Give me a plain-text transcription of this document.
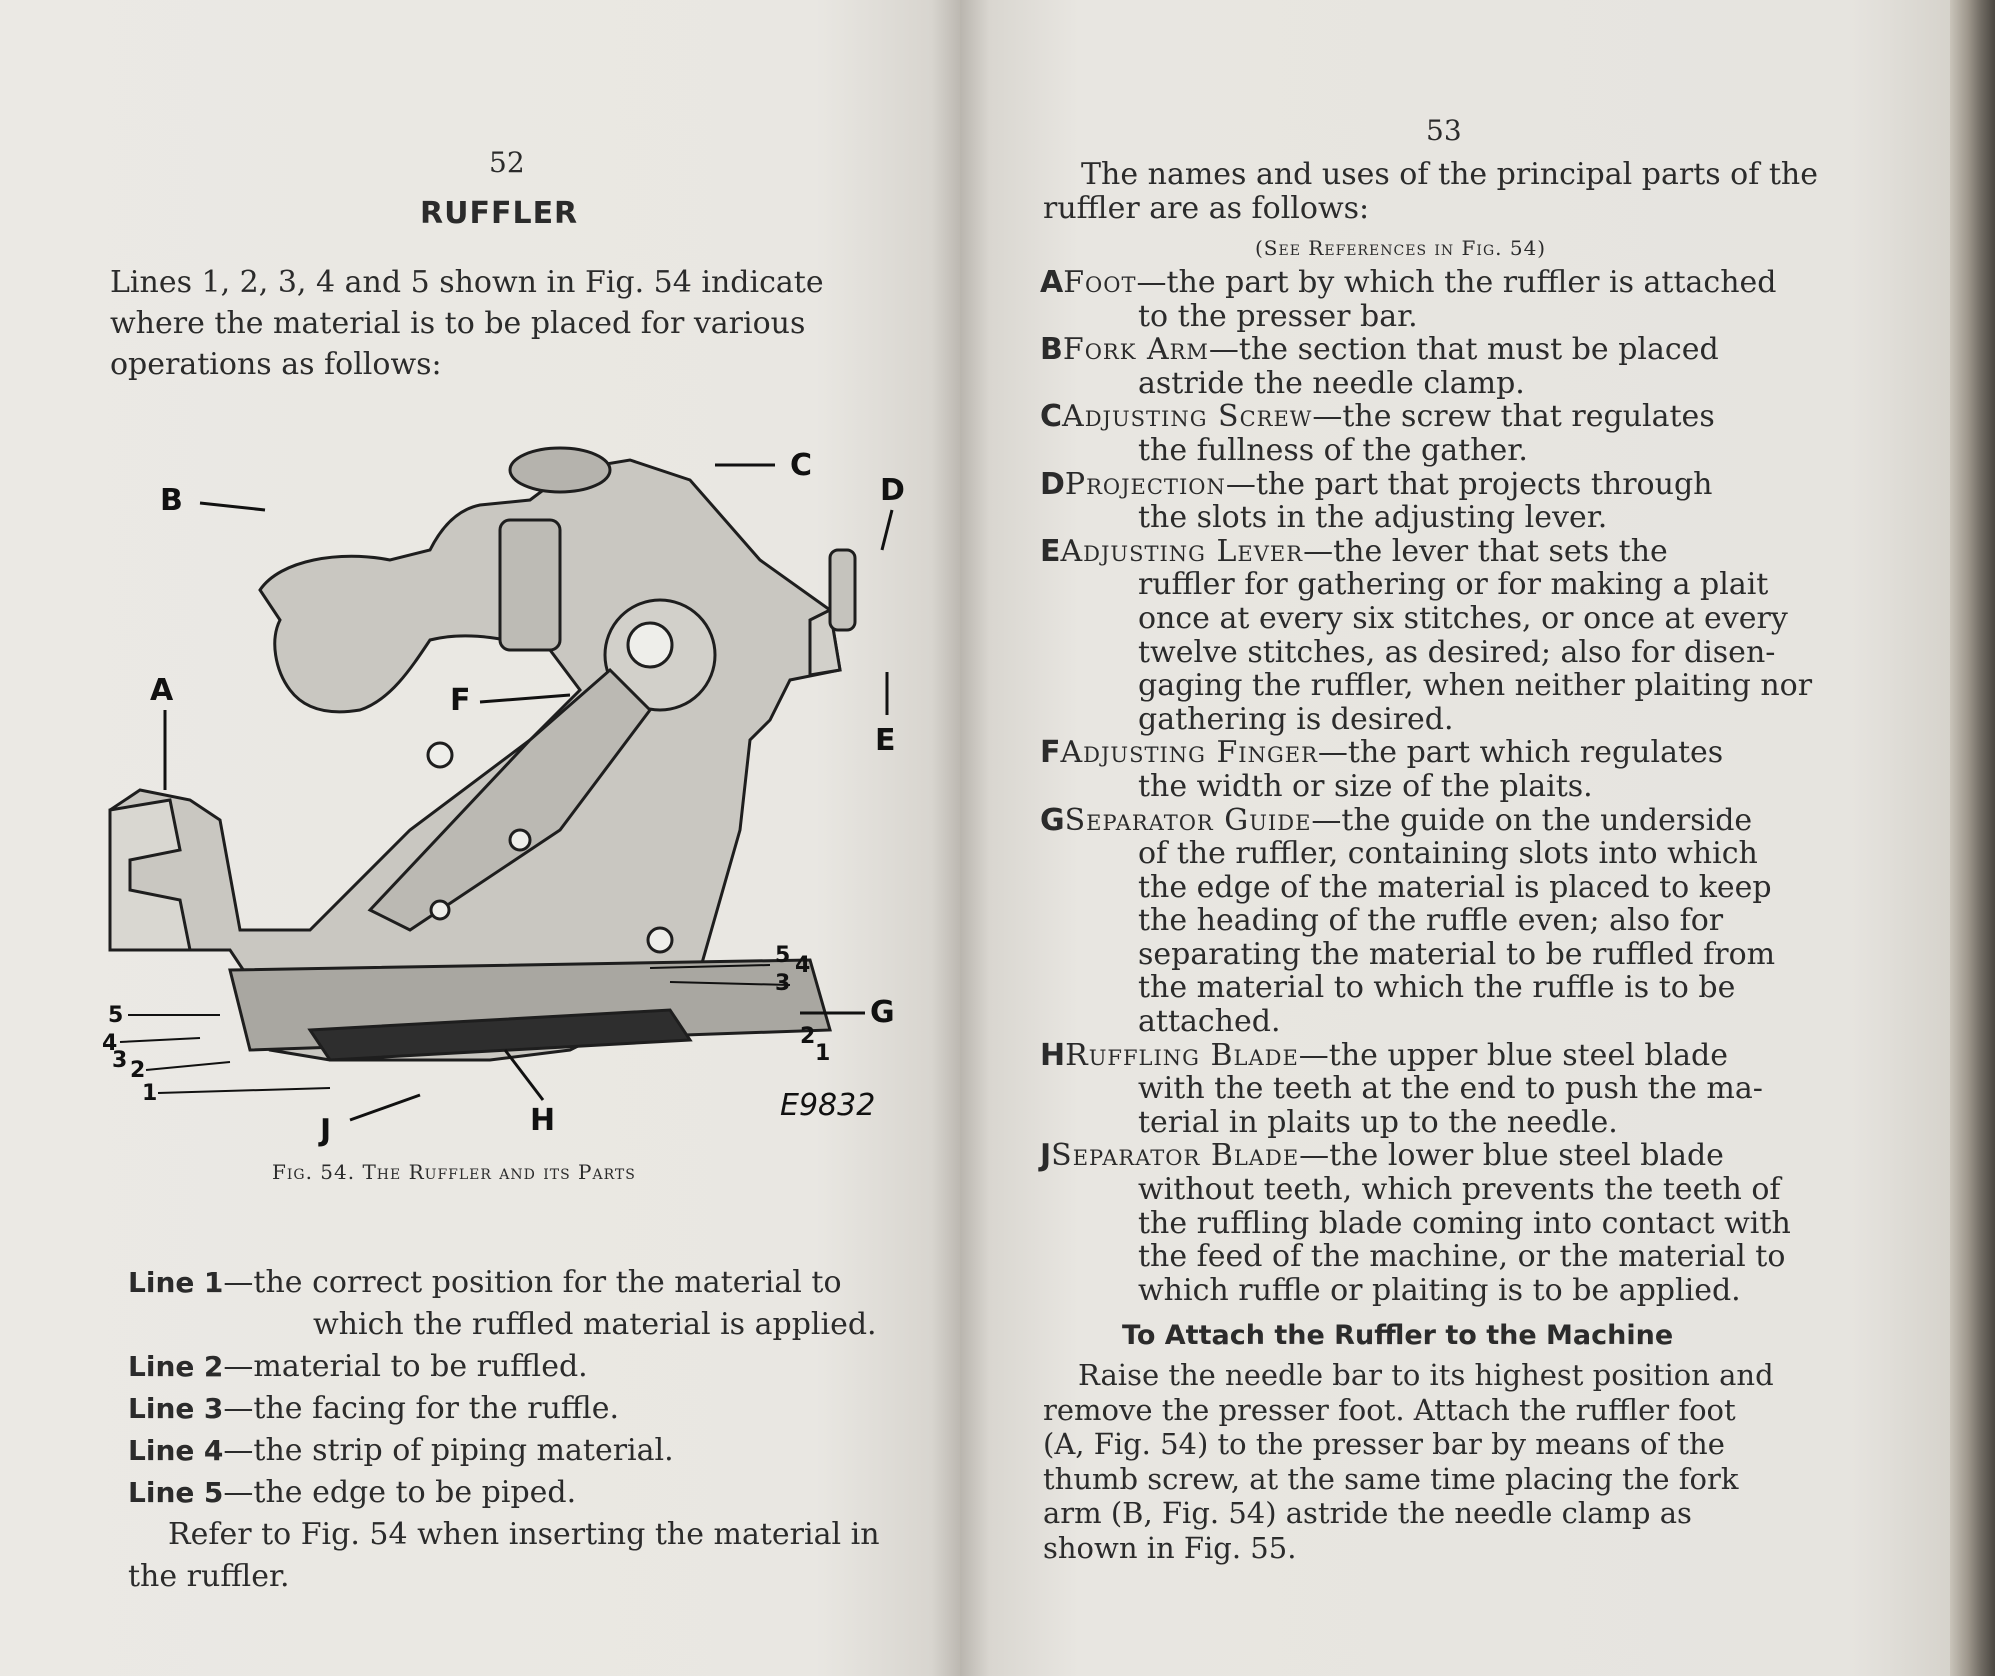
52
RUFFLER
Lines 1, 2, 3, 4 and 5 shown in Fig. 54 indicate
where the material is to be placed for various
operations as follows:
B
C
D
A	F
E
G
H
J
1
2
3
4
5
3
2
1
5 4
E9832
Fig. 54. The Ruffler and its Parts
Line 1—the correct position for the material to
which the ruffled material is applied.
Line 2—material to be ruffled.
Line 3—the facing for the ruffle.
Line 4—the strip of piping material.
Line 5—the edge to be piped.
Refer to Fig. 54 when inserting the material in
the ruffler.
53
The names and uses of the principal parts of the
ruffler are as follows:
(See References in Fig. 54)
AFoot—the part by which the ruffler is attached
to the presser bar.
BFork Arm—the section that must be placed
astride the needle clamp.
CAdjusting Screw—the screw that regulates
the fullness of the gather.
DProjection—the part that projects through
the slots in the adjusting lever.
EAdjusting Lever—the lever that sets the
ruffler for gathering or for making a plait
once at every six stitches, or once at every
twelve stitches, as desired; also for disen-
gaging the ruffler, when neither plaiting nor
gathering is desired.
FAdjusting Finger—the part which regulates
the width or size of the plaits.
GSeparator Guide—the guide on the underside
of the ruffler, containing slots into which
the edge of the material is placed to keep
the heading of the ruffle even; also for
separating the material to be ruffled from
the material to which the ruffle is to be
attached.
HRuffling Blade—the upper blue steel blade
with the teeth at the end to push the ma-
terial in plaits up to the needle.
JSeparator Blade—the lower blue steel blade
without teeth, which prevents the teeth of
the ruffling blade coming into contact with
the feed of the machine, or the material to
which ruffle or plaiting is to be applied.
To Attach the Ruffler to the Machine
Raise the needle bar to its highest position and
remove the presser foot. Attach the ruffler foot
(A, Fig. 54) to the presser bar by means of the
thumb screw, at the same time placing the fork
arm (B, Fig. 54) astride the needle clamp as
shown in Fig. 55.
